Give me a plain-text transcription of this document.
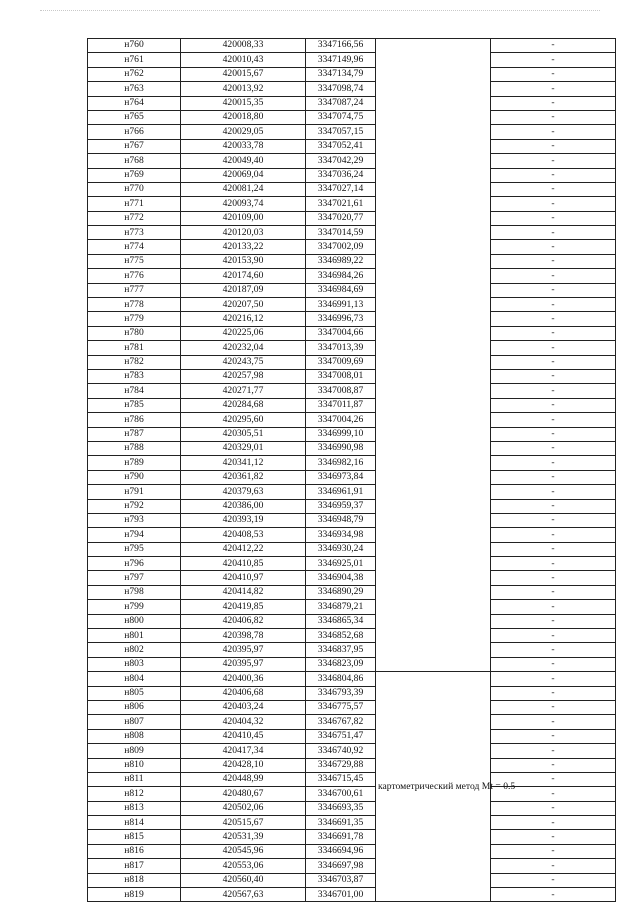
н760	420008,33	3347166,56		-
н761	420010,43	3347149,96		-
н762	420015,67	3347134,79		-
н763	420013,92	3347098,74		-
н764	420015,35	3347087,24		-
н765	420018,80	3347074,75		-
н766	420029,05	3347057,15		-
н767	420033,78	3347052,41		-
н768	420049,40	3347042,29		-
н769	420069,04	3347036,24		-
н770	420081,24	3347027,14		-
н771	420093,74	3347021,61		-
н772	420109,00	3347020,77		-
н773	420120,03	3347014,59		-
н774	420133,22	3347002,09		-
н775	420153,90	3346989,22		-
н776	420174,60	3346984,26		-
н777	420187,09	3346984,69		-
н778	420207,50	3346991,13		-
н779	420216,12	3346996,73		-
н780	420225,06	3347004,66		-
н781	420232,04	3347013,39		-
н782	420243,75	3347009,69		-
н783	420257,98	3347008,01		-
н784	420271,77	3347008,87		-
н785	420284,68	3347011,87		-
н786	420295,60	3347004,26		-
н787	420305,51	3346999,10		-
н788	420329,01	3346990,98		-
н789	420341,12	3346982,16		-
н790	420361,82	3346973,84		-
н791	420379,63	3346961,91		-
н792	420386,00	3346959,37		-
н793	420393,19	3346948,79		-
н794	420408,53	3346934,98		-
н795	420412,22	3346930,24		-
н796	420410,85	3346925,01		-
н797	420410,97	3346904,38		-
н798	420414,82	3346890,29		-
н799	420419,85	3346879,21		-
н800	420406,82	3346865,34		-
н801	420398,78	3346852,68		-
н802	420395,97	3346837,95		-
н803	420395,97	3346823,09		-
н804	420400,36	3346804,86	картометрический метод Mt = 0.5	-
н805	420406,68	3346793,39		-
н806	420403,24	3346775,57		-
н807	420404,32	3346767,82		-
н808	420410,45	3346751,47		-
н809	420417,34	3346740,92		-
н810	420428,10	3346729,88		-
н811	420448,99	3346715,45		-
н812	420480,67	3346700,61		-
н813	420502,06	3346693,35		-
н814	420515,67	3346691,35		-
н815	420531,39	3346691,78		-
н816	420545,96	3346694,96		-
н817	420553,06	3346697,98		-
н818	420560,40	3346703,87		-
н819	420567,63	3346701,00		-
